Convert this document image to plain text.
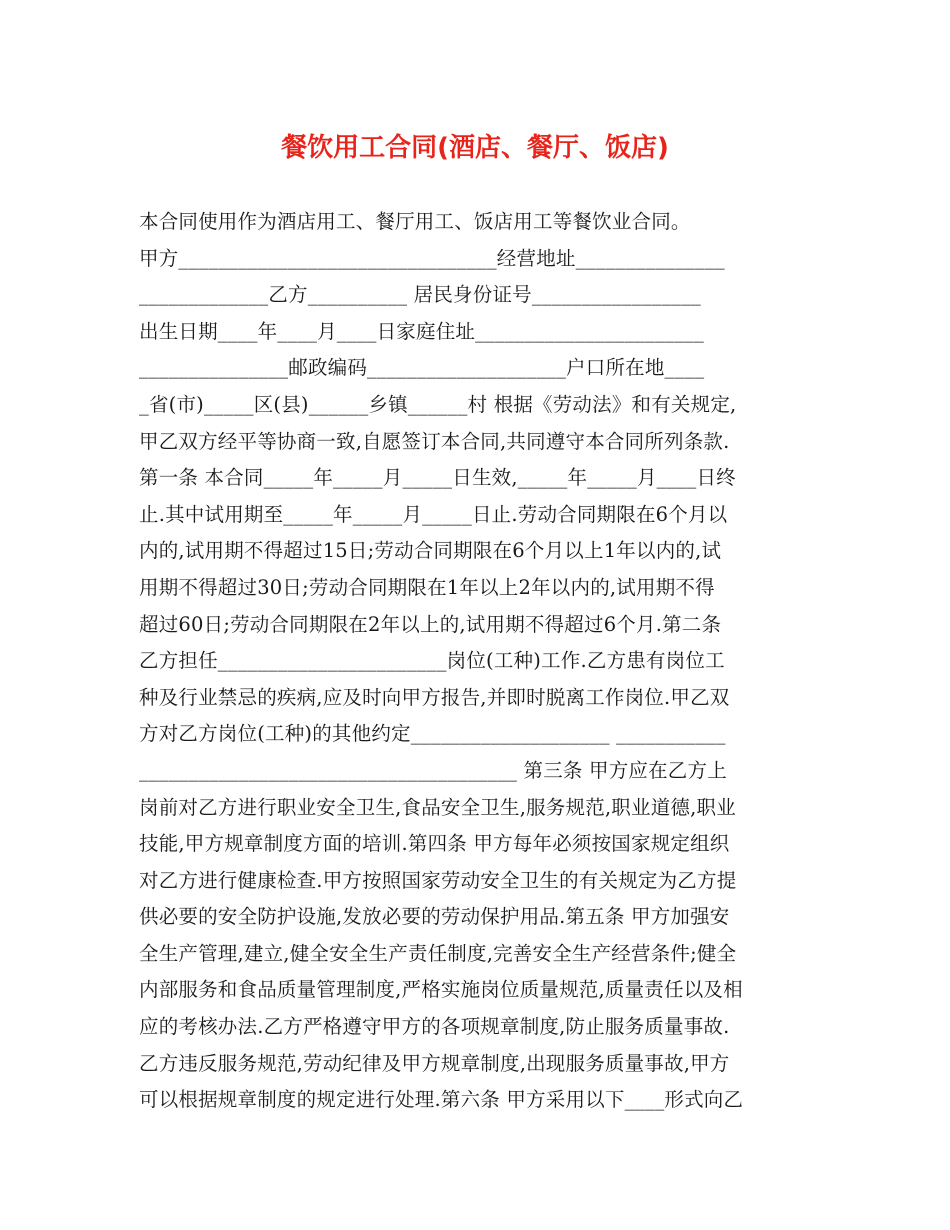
餐饮用工合同(酒店、餐厅、饭店)
本合同使用作为酒店用工、餐厅用工、饭店用工等餐饮业合同。
甲方________________________________经营地址_______________
_____________乙方__________ 居民身份证号_________________
出生日期____年____月____日家庭住址_______________________
_______________邮政编码____________________户口所在地____
_省(市)_____区(县)______乡镇______村 根据《劳动法》和有关规定,
甲乙双方经平等协商一致,自愿签订本合同,共同遵守本合同所列条款.
第一条 本合同_____年_____月_____日生效,_____年_____月____日终
止.其中试用期至_____年_____月_____日止.劳动合同期限在6个月以
内的,试用期不得超过15日;劳动合同期限在6个月以上1年以内的,试
用期不得超过30日;劳动合同期限在1年以上2年以内的,试用期不得
超过60日;劳动合同期限在2年以上的,试用期不得超过6个月.第二条
乙方担任_______________________岗位(工种)工作.乙方患有岗位工
种及行业禁忌的疾病,应及时向甲方报告,并即时脱离工作岗位.甲乙双
方对乙方岗位(工种)的其他约定____________________ ___________
______________________________________ 第三条 甲方应在乙方上
岗前对乙方进行职业安全卫生,食品安全卫生,服务规范,职业道德,职业
技能,甲方规章制度方面的培训.第四条 甲方每年必须按国家规定组织
对乙方进行健康检查.甲方按照国家劳动安全卫生的有关规定为乙方提
供必要的安全防护设施,发放必要的劳动保护用品.第五条 甲方加强安
全生产管理,建立,健全安全生产责任制度,完善安全生产经营条件;健全
内部服务和食品质量管理制度,严格实施岗位质量规范,质量责任以及相
应的考核办法.乙方严格遵守甲方的各项规章制度,防止服务质量事故.
乙方违反服务规范,劳动纪律及甲方规章制度,出现服务质量事故,甲方
可以根据规章制度的规定进行处理.第六条 甲方采用以下____形式向乙
